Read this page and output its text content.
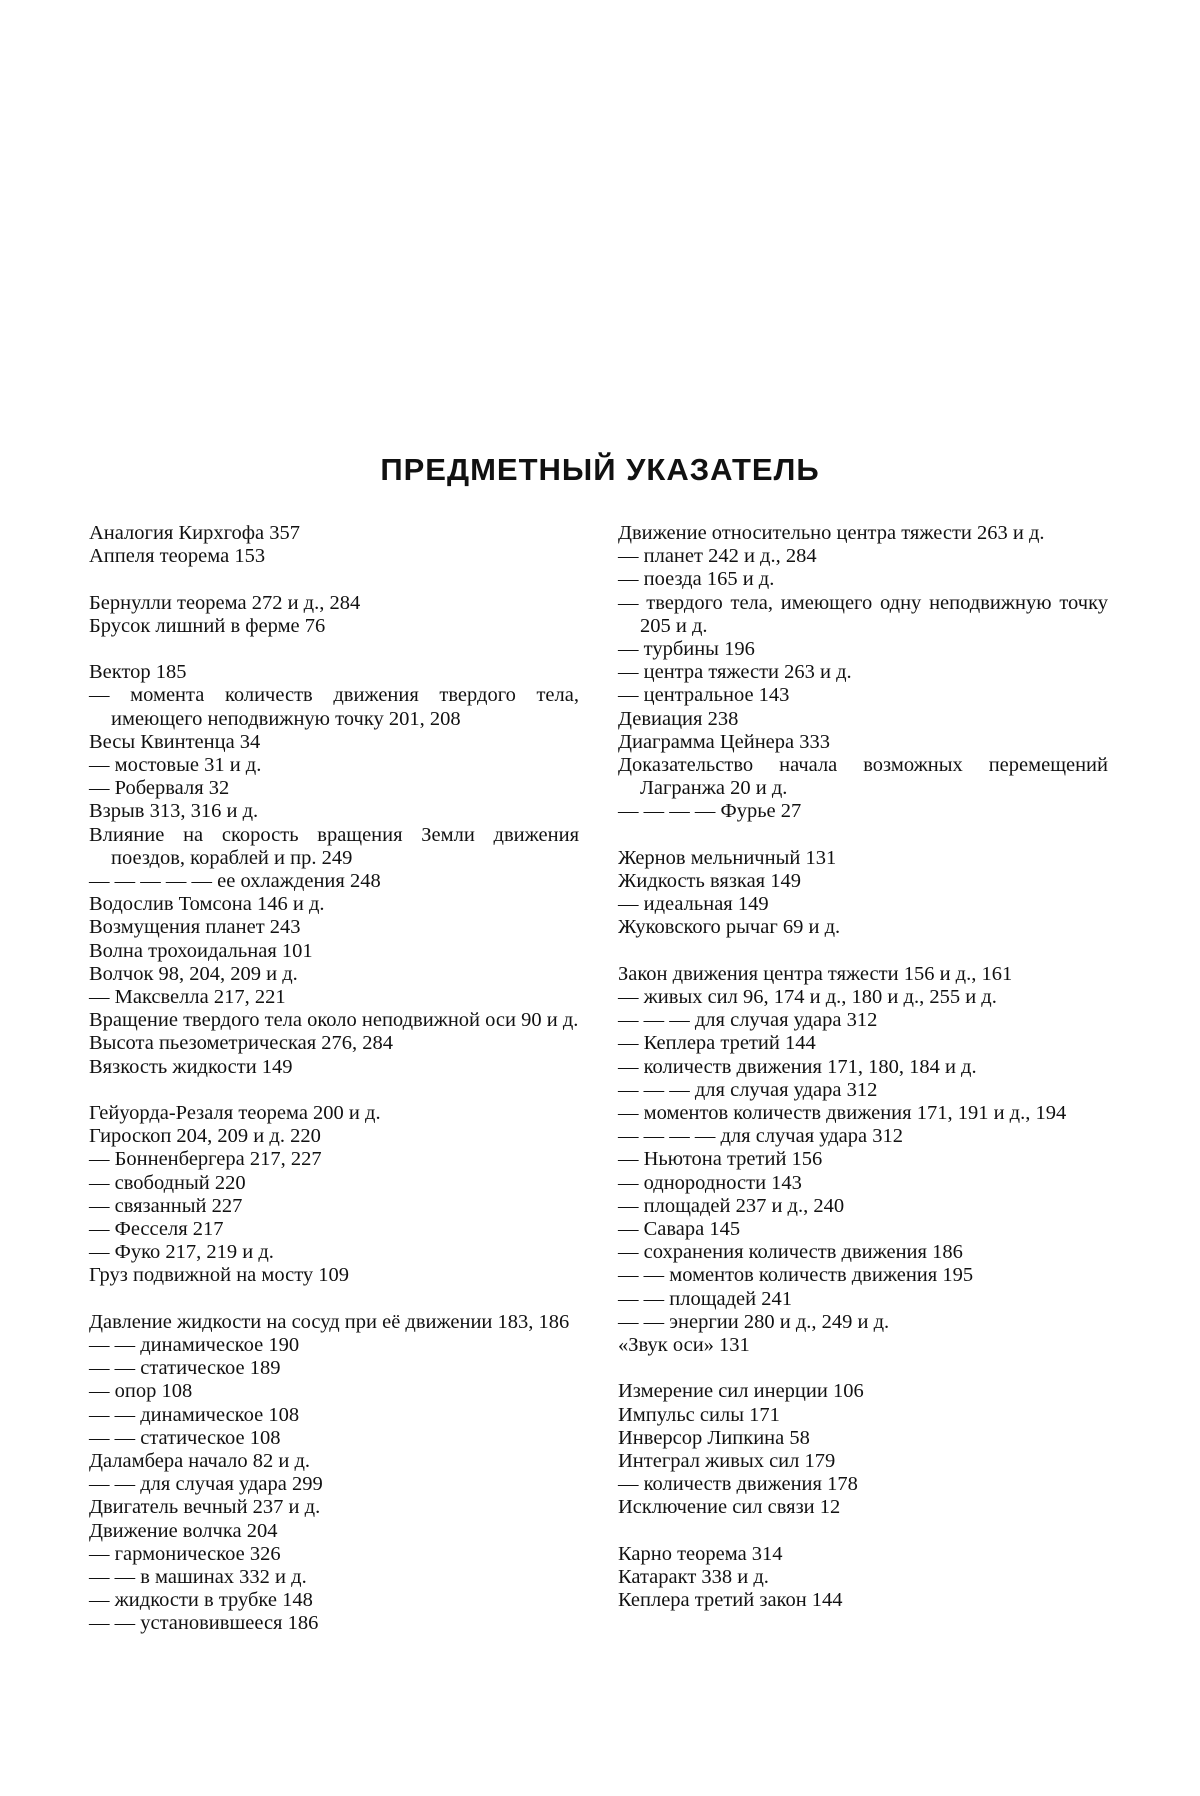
ПРЕДМЕТНЫЙ УКАЗАТЕЛЬ
Аналогия Кирхгофа 357
Аппеля теорема 153
Бернулли теорема 272 и д., 284
Брусок лишний в ферме 76
Вектор 185
— момента количеств движения твердого тела, имеющего неподвижную точку 201, 208
Весы Квинтенца 34
— мостовые 31 и д.
— Роберваля 32
Взрыв 313, 316 и д.
Влияние на скорость вращения Земли движения поездов, кораблей и пр. 249
— — — — — ее охлаждения 248
Водослив Томсона 146 и д.
Возмущения планет 243
Волна трохоидальная 101
Волчок 98, 204, 209 и д.
— Максвелла 217, 221
Вращение твердого тела около неподвижной оси 90 и д.
Высота пьезометрическая 276, 284
Вязкость жидкости 149
Гейуорда-Резаля теорема 200 и д.
Гироскоп 204, 209 и д. 220
— Бонненбергера 217, 227
— свободный 220
— связанный 227
— Фесселя 217
— Фуко 217, 219 и д.
Груз подвижной на мосту 109
Давление жидкости на сосуд при её движении 183, 186
— — динамическое 190
— — статическое 189
— опор 108
— — динамическое 108
— — статическое 108
Даламбера начало 82 и д.
— — для случая удара 299
Двигатель вечный 237 и д.
Движение волчка 204
— гармоническое 326
— — в машинах 332 и д.
— жидкости в трубке 148
— — установившееся 186
Движение относительно центра тяжести 263 и д.
— планет 242 и д., 284
— поезда 165 и д.
— твердого тела, имеющего одну неподвижную точку 205 и д.
— турбины 196
— центра тяжести 263 и д.
— центральное 143
Девиация 238
Диаграмма Цейнера 333
Доказательство начала возможных перемещений Лагранжа 20 и д.
— — — — Фурье 27
Жернов мельничный 131
Жидкость вязкая 149
— идеальная 149
Жуковского рычаг 69 и д.
Закон движения центра тяжести 156 и д., 161
— живых сил 96, 174 и д., 180 и д., 255 и д.
— — — для случая удара 312
— Кеплера третий 144
— количеств движения 171, 180, 184 и д.
— — — для случая удара 312
— моментов количеств движения 171, 191 и д., 194
— — — — для случая удара 312
— Ньютона третий 156
— однородности 143
— площадей 237 и д., 240
— Савара 145
— сохранения количеств движения 186
— — моментов количеств движения 195
— — площадей 241
— — энергии 280 и д., 249 и д.
«Звук оси» 131
Измерение сил инерции 106
Импульс силы 171
Инверсор Липкина 58
Интеграл живых сил 179
— количеств движения 178
Исключение сил связи 12
Карно теорема 314
Катаракт 338 и д.
Кеплера третий закон 144
